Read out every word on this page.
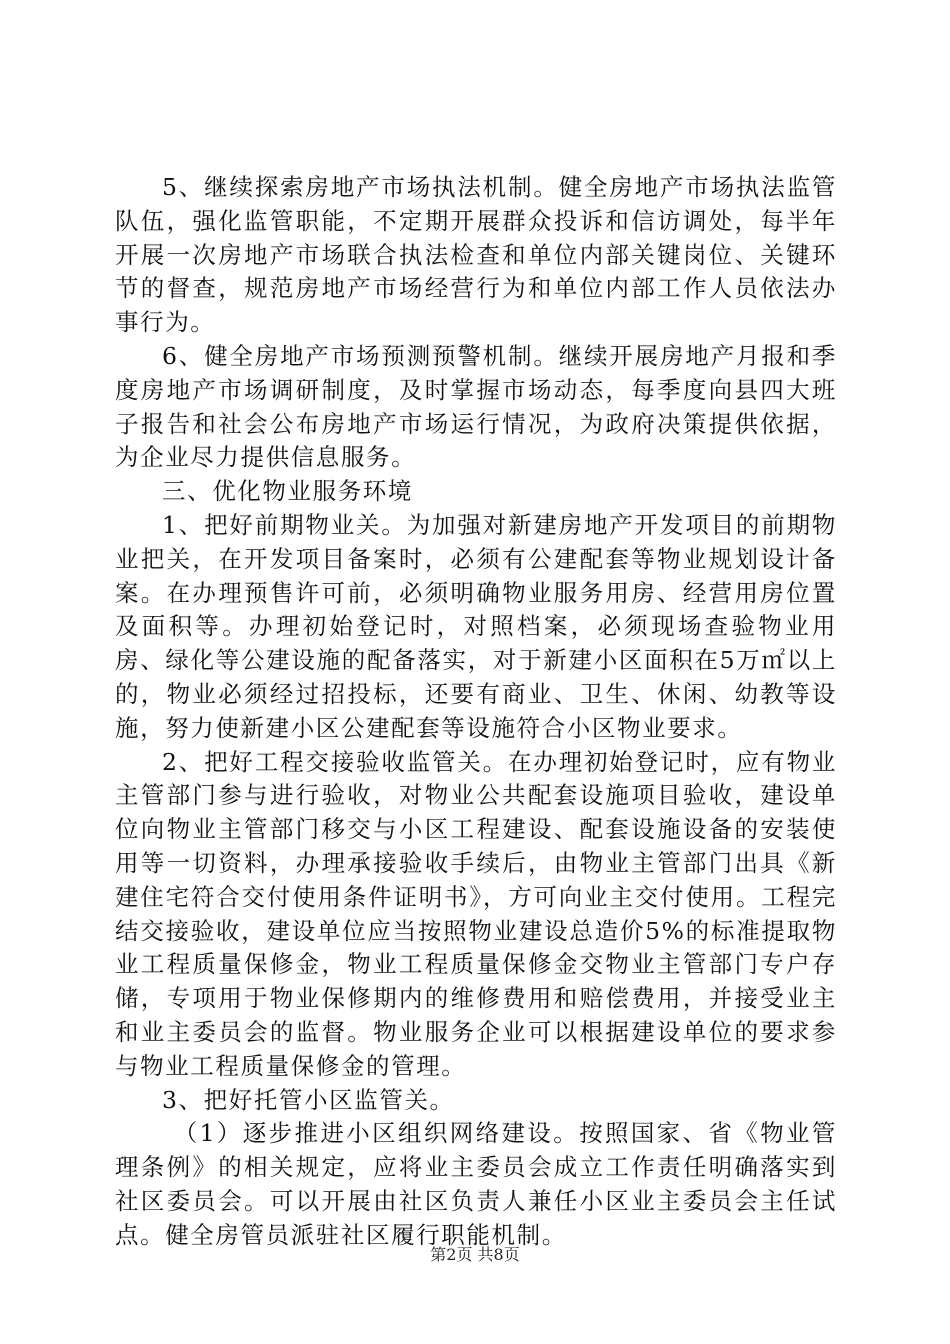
5、继续探索房地产市场执法机制。健全房地产市场执法监管队伍，强化监管职能，不定期开展群众投诉和信访调处，每半年开展一次房地产市场联合执法检查和单位内部关键岗位、关键环节的督查，规范房地产市场经营行为和单位内部工作人员依法办事行为。

6、健全房地产市场预测预警机制。继续开展房地产月报和季度房地产市场调研制度，及时掌握市场动态，每季度向县四大班子报告和社会公布房地产市场运行情况，为政府决策提供依据，为企业尽力提供信息服务。

三、优化物业服务环境

1、把好前期物业关。为加强对新建房地产开发项目的前期物业把关，在开发项目备案时，必须有公建配套等物业规划设计备案。在办理预售许可前，必须明确物业服务用房、经营用房位置及面积等。办理初始登记时，对照档案，必须现场查验物业用房、绿化等公建设施的配备落实，对于新建小区面积在5万㎡以上的，物业必须经过招投标，还要有商业、卫生、休闲、幼教等设施，努力使新建小区公建配套等设施符合小区物业要求。

2、把好工程交接验收监管关。在办理初始登记时，应有物业主管部门参与进行验收，对物业公共配套设施项目验收，建设单位向物业主管部门移交与小区工程建设、配套设施设备的安装使用等一切资料，办理承接验收手续后，由物业主管部门出具《新建住宅符合交付使用条件证明书》，方可向业主交付使用。工程完结交接验收，建设单位应当按照物业建设总造价5%的标准提取物业工程质量保修金，物业工程质量保修金交物业主管部门专户存储，专项用于物业保修期内的维修费用和赔偿费用，并接受业主和业主委员会的监督。物业服务企业可以根据建设单位的要求参与物业工程质量保修金的管理。

3、把好托管小区监管关。

（1）逐步推进小区组织网络建设。按照国家、省《物业管理条例》的相关规定，应将业主委员会成立工作责任明确落实到社区委员会。可以开展由社区负责人兼任小区业主委员会主任试点。健全房管员派驻社区履行职能机制。

第2页 共8页
